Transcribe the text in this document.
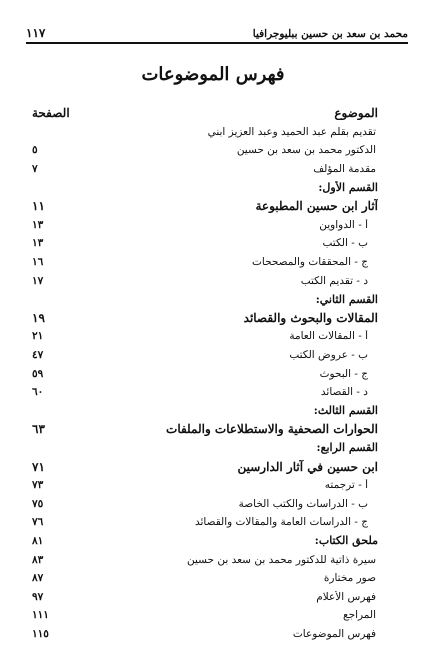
محمد بن سعد بن حسين ببليوجرافيا
١١٧
فهرس الموضوعات
الموضوع
الصفحة
تقديم بقلم عبد الحميد وعبد العزيز ابني
الدكتور محمد بن سعد بن حسين
٥
مقدمة المؤلف
٧
القسم الأول:
آثار ابن حسين المطبوعة
١١
أ - الدواوين
١٣
ب - الكتب
١٣
ج - المحققات والمصححات
١٦
د - تقديم الكتب
١٧
القسم الثاني:
المقالات والبحوث والقصائد
١٩
أ - المقالات العامة
٢١
ب - عروض الكتب
٤٧
ج - البحوث
٥٩
د - القصائد
٦٠
القسم الثالث:
الحوارات الصحفية والاستطلاعات والملفات
٦٣
القسم الرابع:
ابن حسين في آثار الدارسين
٧١
أ - ترجمته
٧٣
ب - الدراسات والكتب الخاصة
٧٥
ج - الدراسات العامة والمقالات والقصائد
٧٦
ملحق الكتاب:
٨١
سيرة ذاتية للدكتور محمد بن سعد بن حسين
٨٣
صور مختارة
٨٧
فهرس الأعلام
٩٧
المراجع
١١١
فهرس الموضوعات
١١٥
